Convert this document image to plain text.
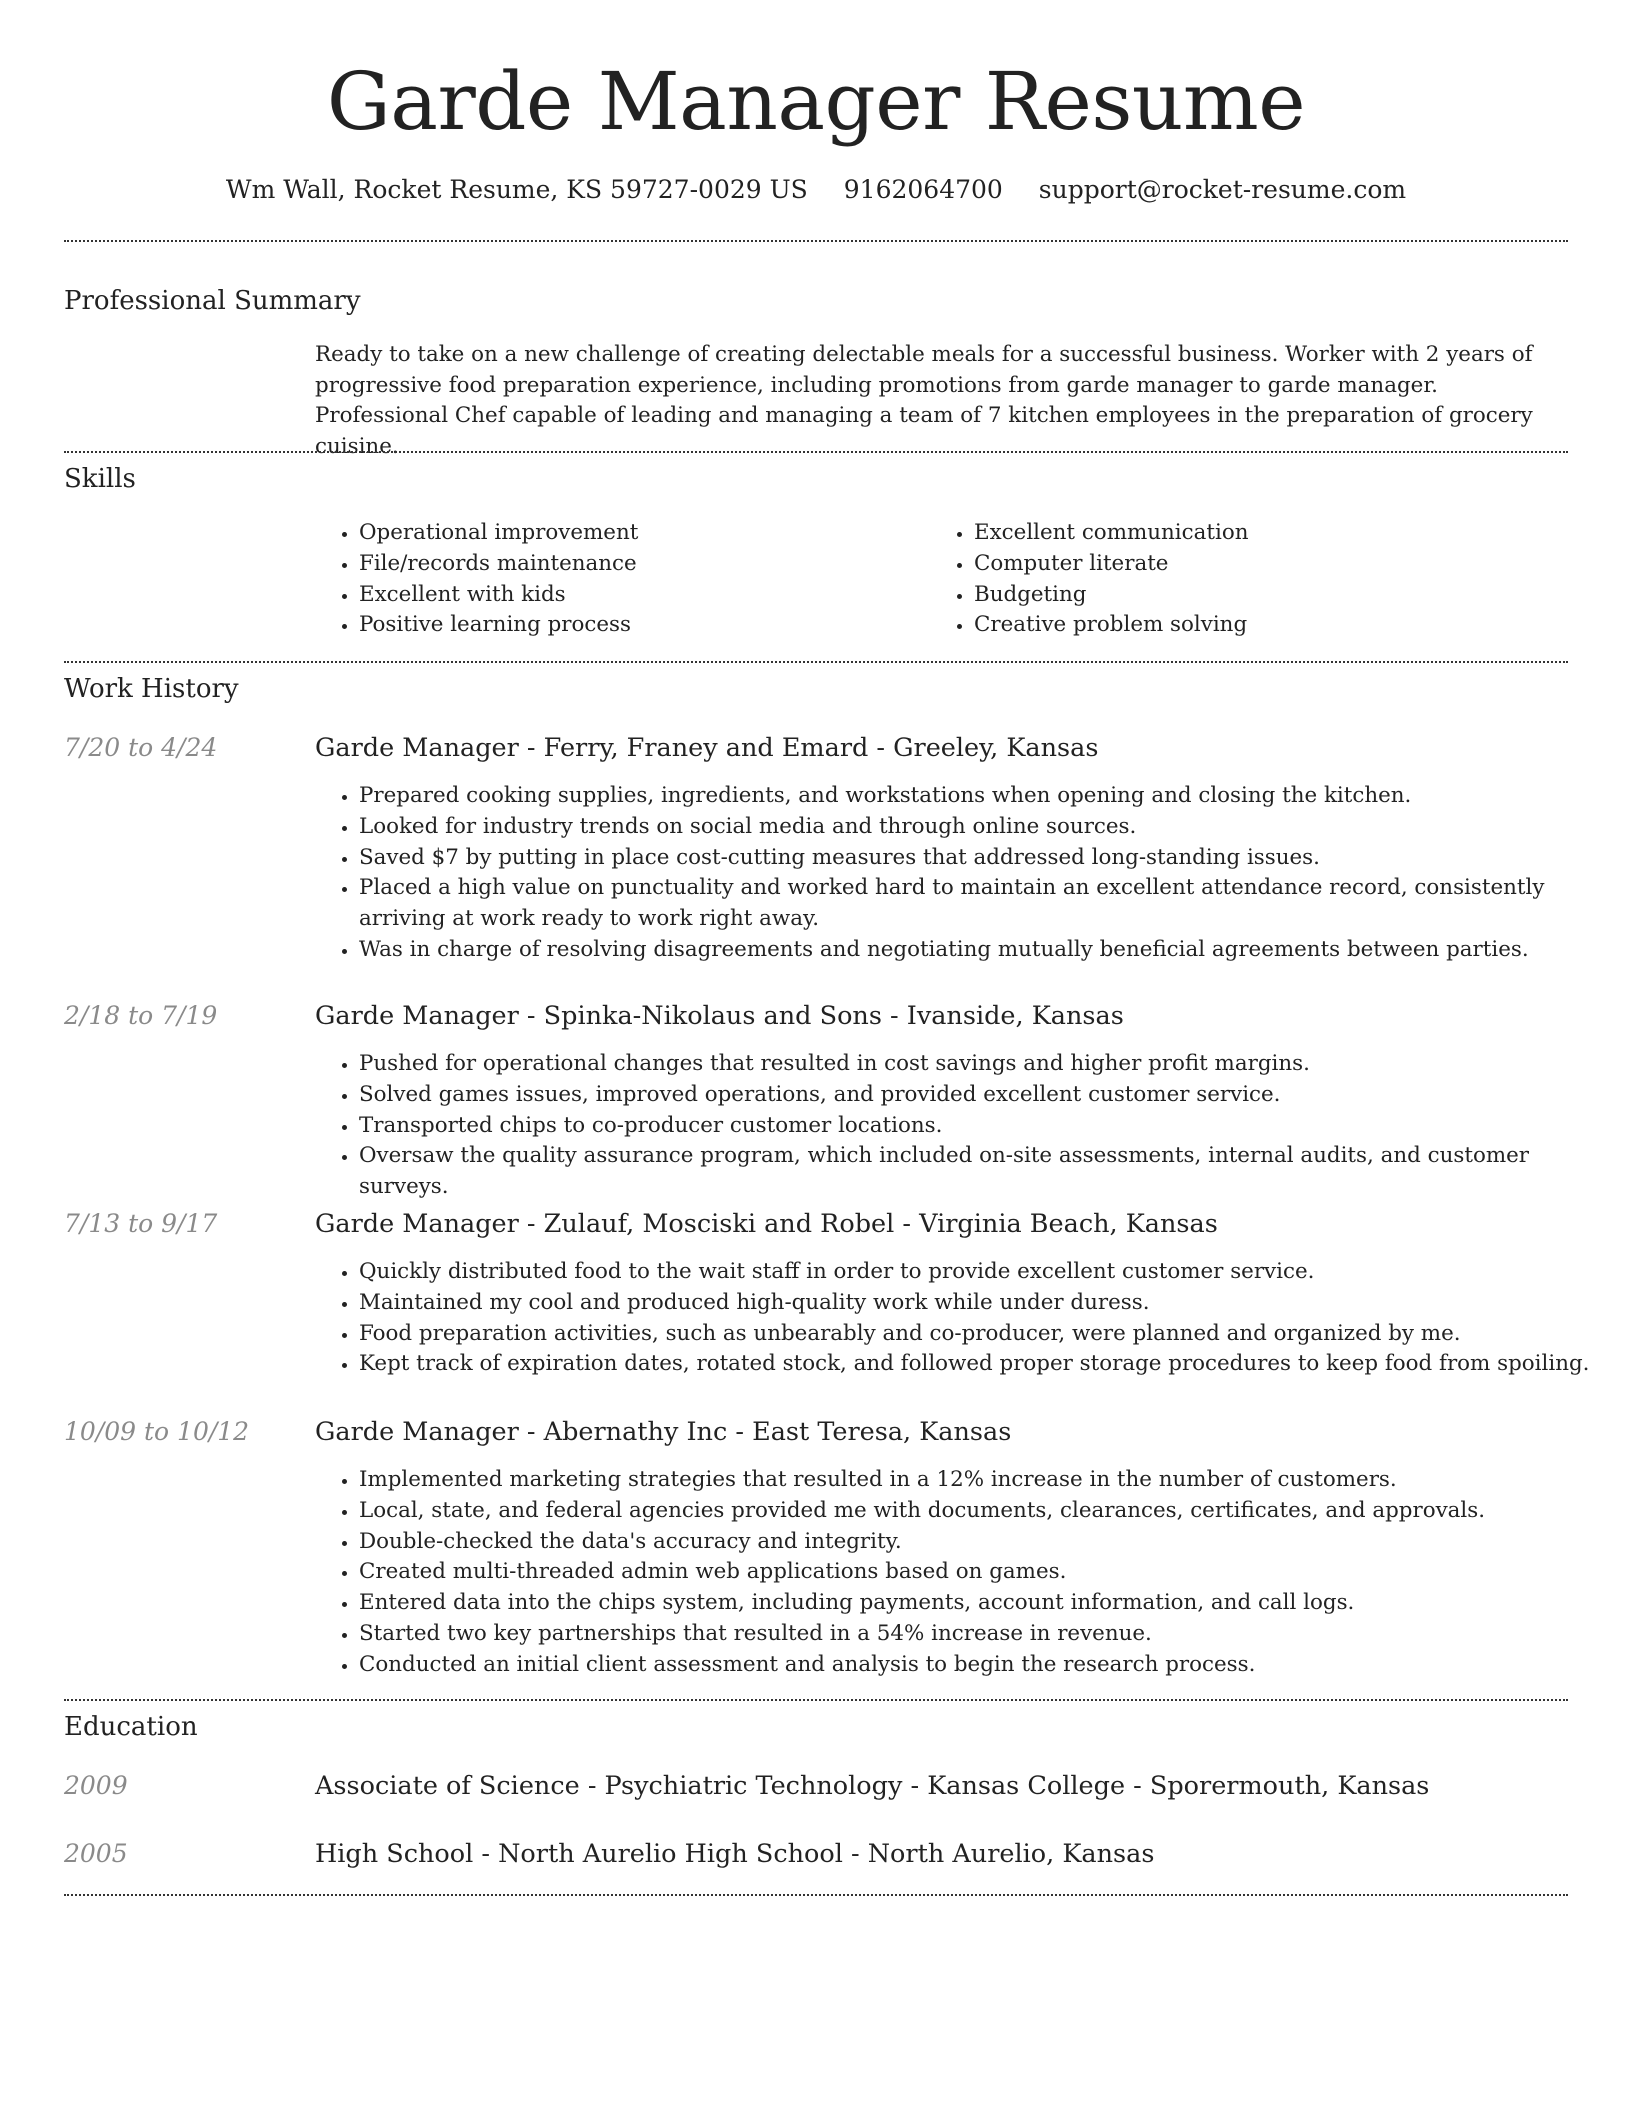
Garde Manager Resume
Wm Wall, Rocket Resume, KS 59727-0029 US 9162064700 support@rocket-resume.com
Professional Summary
Ready to take on a new challenge of creating delectable meals for a successful business. Worker with 2 years of progressive food preparation experience, including promotions from garde manager to garde manager. Professional Chef capable of leading and managing a team of 7 kitchen employees in the preparation of grocery cuisine.
Skills
• Operational improvement
• File/records maintenance
• Excellent with kids
• Positive learning process
• Excellent communication
• Computer literate
• Budgeting
• Creative problem solving
Work History
7/20 to 4/24	Garde Manager - Ferry, Franey and Emard - Greeley, Kansas
• Prepared cooking supplies, ingredients, and workstations when opening and closing the kitchen.
• Looked for industry trends on social media and through online sources.
• Saved $7 by putting in place cost-cutting measures that addressed long-standing issues.
• Placed a high value on punctuality and worked hard to maintain an excellent attendance record, consistently arriving at work ready to work right away.
• Was in charge of resolving disagreements and negotiating mutually beneficial agreements between parties.
2/18 to 7/19	Garde Manager - Spinka-Nikolaus and Sons - Ivanside, Kansas
• Pushed for operational changes that resulted in cost savings and higher profit margins.
• Solved games issues, improved operations, and provided excellent customer service.
• Transported chips to co-producer customer locations.
• Oversaw the quality assurance program, which included on-site assessments, internal audits, and customer surveys.
7/13 to 9/17	Garde Manager - Zulauf, Mosciski and Robel - Virginia Beach, Kansas
• Quickly distributed food to the wait staff in order to provide excellent customer service.
• Maintained my cool and produced high-quality work while under duress.
• Food preparation activities, such as unbearably and co-producer, were planned and organized by me.
• Kept track of expiration dates, rotated stock, and followed proper storage procedures to keep food from spoiling.
10/09 to 10/12	Garde Manager - Abernathy Inc - East Teresa, Kansas
• Implemented marketing strategies that resulted in a 12% increase in the number of customers.
• Local, state, and federal agencies provided me with documents, clearances, certificates, and approvals.
• Double-checked the data's accuracy and integrity.
• Created multi-threaded admin web applications based on games.
• Entered data into the chips system, including payments, account information, and call logs.
• Started two key partnerships that resulted in a 54% increase in revenue.
• Conducted an initial client assessment and analysis to begin the research process.
Education
2009	Associate of Science - Psychiatric Technology - Kansas College - Sporermouth, Kansas
2005	High School - North Aurelio High School - North Aurelio, Kansas
